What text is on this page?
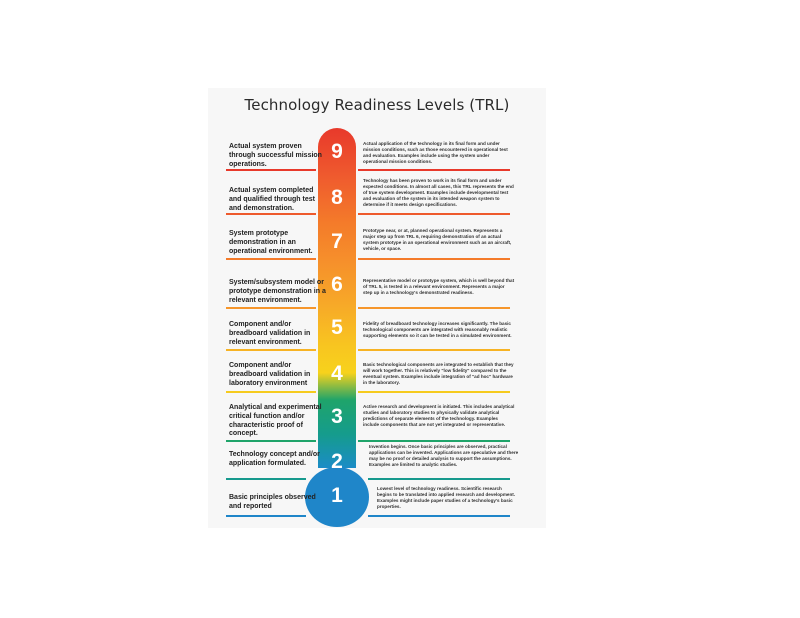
Technology Readiness Levels (TRL)
9
Actual system proven through successful mission operations.
Actual application of the technology in its final form and under mission conditions, such as those encountered in operational test and evaluation. Examples include using the system under operational mission conditions.
8
Actual system completed and qualified through test and demonstration.
Technology has been proven to work in its final form and under expected conditions. In almost all cases, this TRL represents the end of true system development. Examples include developmental test and evaluation of the system in its intended weapon system to determine if it meets design specifications.
7
System prototype demonstration in an operational environment.
Prototype near, or at, planned operational system. Represents a major step up from TRL 6, requiring demonstration of an actual system prototype in an operational environment such as an aircraft, vehicle, or space.
6
System/subsystem model or prototype demonstration in a relevant environment.
Representative model or prototype system, which is well beyond that of TRL 5, is tested in a relevant environment. Represents a major step up in a technology's demonstrated readiness.
5
Component and/or breadboard validation in relevant environment.
Fidelity of breadboard technology increases significantly. The basic technological components are integrated with reasonably realistic supporting elements so it can be tested in a simulated environment.
4
Component and/or breadboard validation in laboratory environment
Basic technological components are integrated to establish that they will work together. This is relatively "low fidelity" compared to the eventual system. Examples include integration of "ad hoc" hardware in the laboratory.
3
Analytical and experimental critical function and/or characteristic proof of concept.
Active research and development is initiated. This includes analytical studies and laboratory studies to physically validate analytical predictions of separate elements of the technology. Examples include components that are not yet integrated or representative.
2
Technology concept and/or application formulated.
Invention begins. Once basic principles are observed, practical applications can be invented. Applications are speculative and there may be no proof or detailed analysis to support the assumptions. Examples are limited to analytic studies.
1
Basic principles observed and reported
Lowest level of technology readiness. Scientific research begins to be translated into applied research and development. Examples might include paper studies of a technology's basic properties.
